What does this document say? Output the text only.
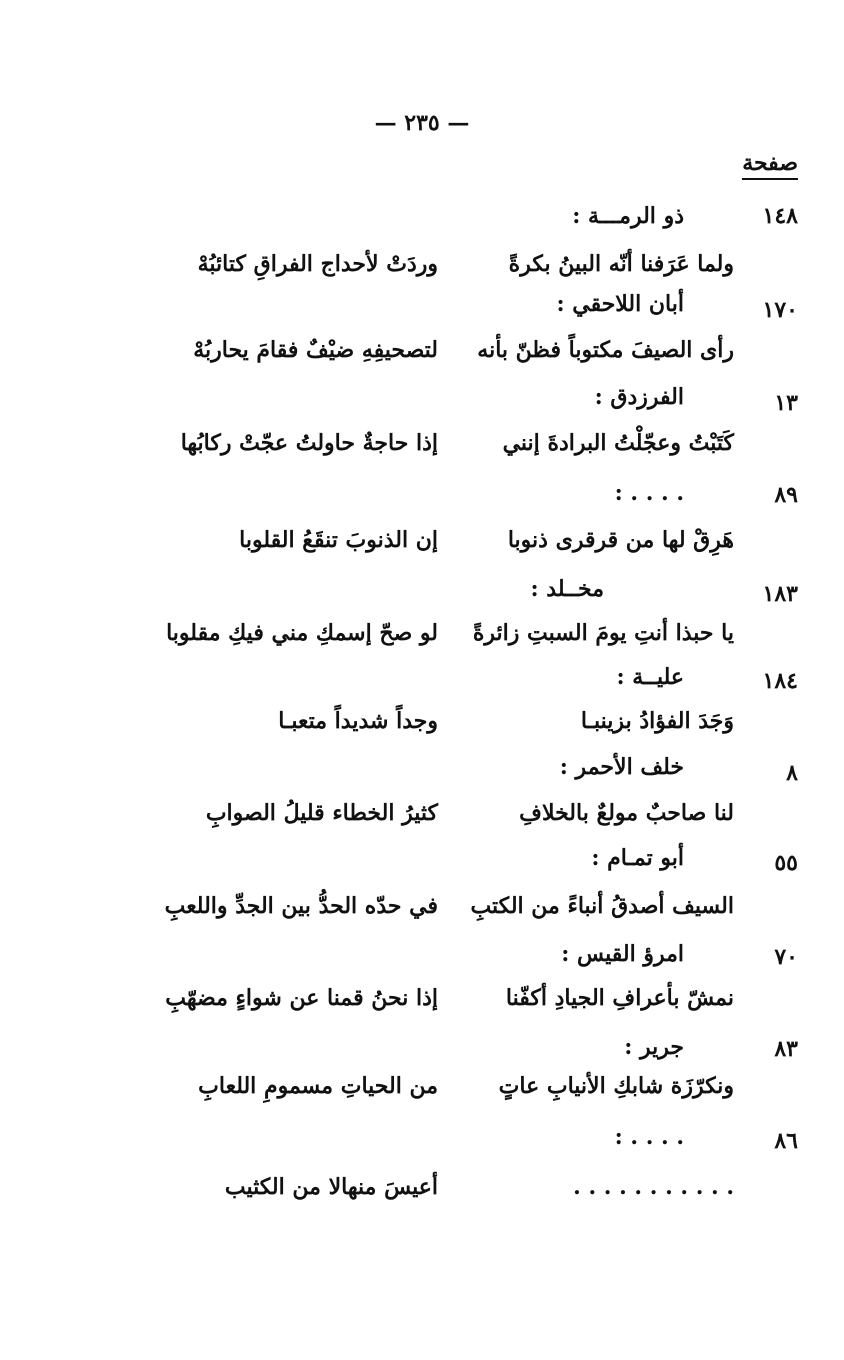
— ٢٣٥ —
صفحة
١٤٨
ذو الرمـــة :
ولما عَرَفنا أنّه البينُ بكرةً
وردَتْ لأحداج الفراقِ كتائبُهْ
١٧٠
أبان اللاحقي :
رأى الصيفَ مكتوباً فظنّ بأنه
لتصحيفِهِ ضيْفٌ فقامَ يحاربُهْ
١٣
الفرزدق :
كَتَبْتُ وعجّلْتُ البرادةَ إنني
إذا حاجةٌ حاولتُ عجّتْ ركابُها
٨٩
. . . . :
هَرِقْ لها من قرقرى ذنوبا
إن الذنوبَ تنقَعُ القلوبا
١٨٣
مخــلد :
يا حبذا أنتِ يومَ السبتِ زائرةً
لو صحّ إسمكِ مني فيكِ مقلوبا
١٨٤
عليــة :
وَجَدَ الفؤادُ بزينبـا
وجداً شديداً متعبـا
٨
خلف الأحمر :
لنا صاحبٌ مولعٌ بالخلافِ
كثيرُ الخطاء قليلُ الصوابِ
٥٥
أبو تمـام :
السيف أصدقُ أنباءً من الكتبِ
في حدّه الحدُّ بين الجدِّ واللعبِ
٧٠
امرؤ القيس :
نمشّ بأعرافِ الجيادِ أكفّنا
إذا نحنُ قمنا عن شواءٍ مضهّبِ
٨٣
جرير :
ونكرّزَة شابكِ الأنيابِ عاتٍ
من الحياتِ مسمومِ اللعابِ
٨٦
. . . . :
. . . . . . . . . . .
أعيسَ منهالا من الكثيب
